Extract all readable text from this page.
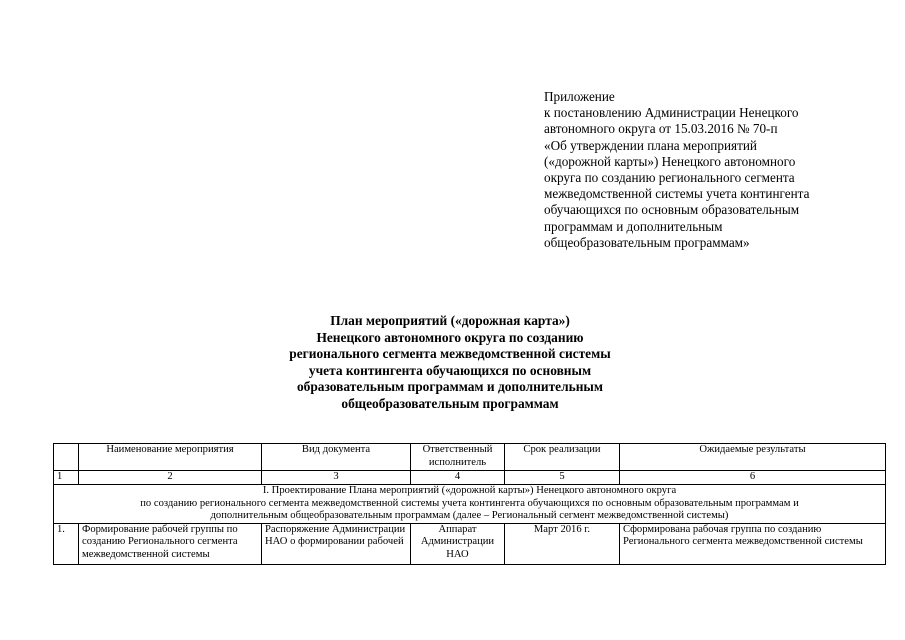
Приложение
к постановлению Администрации Ненецкого
автономного округа от 15.03.2016 № 70-п
«Об утверждении плана мероприятий
(«дорожной карты») Ненецкого автономного
округа по созданию регионального сегмента
межведомственной системы учета контингента
обучающихся по основным образовательным
программам и дополнительным
общеобразовательным программам»
План мероприятий («дорожная карта»)
Ненецкого автономного округа по созданию
регионального сегмента межведомственной системы
учета контингента обучающихся по основным
образовательным программам и дополнительным
общеобразовательным программам
	Наименование мероприятия	Вид документа	Ответственный исполнитель	Срок реализации	Ожидаемые результаты
1	2	3	4	5	6

I. Проектирование Плана мероприятий («дорожной карты») Ненецкого автономного округа
по созданию регионального сегмента межведомственной системы учета контингента обучающихся по основным образовательным программам и
дополнительным общеобразовательным программам (далее – Региональный сегмент межведомственной системы)					

1.	Формирование рабочей группы по созданию Регионального сегмента межведомственной системы	Распоряжение Администрации НАО о формировании рабочей	Аппарат Администрации НАО	Март 2016 г.	Сформирована рабочая группа по созданию Регионального сегмента межведомственной системы
